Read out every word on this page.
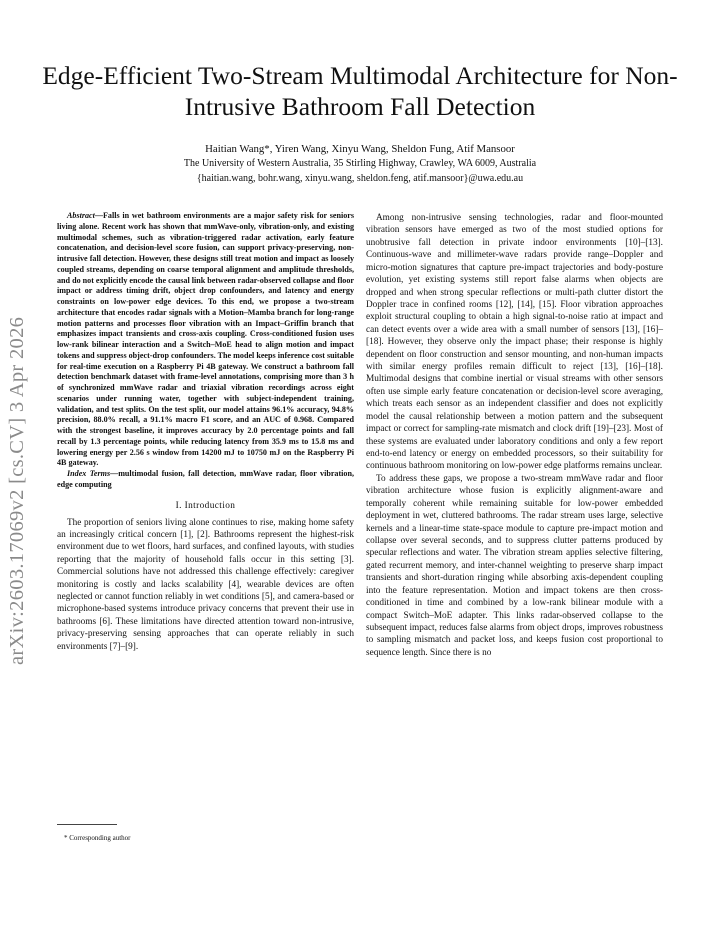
arXiv:2603.17069v2 [cs.CV] 3 Apr 2026
Edge-Efficient Two-Stream Multimodal Architecture for Non-Intrusive Bathroom Fall Detection
Haitian Wang*, Yiren Wang, Xinyu Wang, Sheldon Fung, Atif Mansoor
The University of Western Australia, 35 Stirling Highway, Crawley, WA 6009, Australia
{haitian.wang, bohr.wang, xinyu.wang, sheldon.feng, atif.mansoor}@uwa.edu.au

Abstract—Falls in wet bathroom environments are a major safety risk for seniors living alone. Recent work has shown that mmWave-only, vibration-only, and existing multimodal schemes, such as vibration-triggered radar activation, early feature concatenation, and decision-level score fusion, can support privacy-preserving, non-intrusive fall detection. However, these designs still treat motion and impact as loosely coupled streams, depending on coarse temporal alignment and amplitude thresholds, and do not explicitly encode the causal link between radar-observed collapse and floor impact or address timing drift, object drop confounders, and latency and energy constraints on low-power edge devices. To this end, we propose a two-stream architecture that encodes radar signals with a Motion–Mamba branch for long-range motion patterns and processes floor vibration with an Impact–Griffin branch that emphasizes impact transients and cross-axis coupling. Cross-conditioned fusion uses low-rank bilinear interaction and a Switch–MoE head to align motion and impact tokens and suppress object-drop confounders. The model keeps inference cost suitable for real-time execution on a Raspberry Pi 4B gateway. We construct a bathroom fall detection benchmark dataset with frame-level annotations, comprising more than 3 h of synchronized mmWave radar and triaxial vibration recordings across eight scenarios under running water, together with subject-independent training, validation, and test splits. On the test split, our model attains 96.1% accuracy, 94.8% precision, 88.0% recall, a 91.1% macro F1 score, and an AUC of 0.968. Compared with the strongest baseline, it improves accuracy by 2.0 percentage points and fall recall by 1.3 percentage points, while reducing latency from 35.9 ms to 15.8 ms and lowering energy per 2.56 s window from 14200 mJ to 10750 mJ on the Raspberry Pi 4B gateway.

Index Terms—multimodal fusion, fall detection, mmWave radar, floor vibration, edge computing

I. Introduction

The proportion of seniors living alone continues to rise, making home safety an increasingly critical concern [1], [2]. Bathrooms represent the highest-risk environment due to wet floors, hard surfaces, and confined layouts, with studies reporting that the majority of household falls occur in this setting [3]. Commercial solutions have not addressed this challenge effectively: caregiver monitoring is costly and lacks scalability [4], wearable devices are often neglected or cannot function reliably in wet conditions [5], and camera-based or microphone-based systems introduce privacy concerns that prevent their use in bathrooms [6]. These limitations have directed attention toward non-intrusive, privacy-preserving sensing approaches that can operate reliably in such environments [7]–[9].

Among non-intrusive sensing technologies, radar and floor-mounted vibration sensors have emerged as two of the most studied options for unobtrusive fall detection in private indoor environments [10]–[13]. Continuous-wave and millimeter-wave radars provide range–Doppler and micro-motion signatures that capture pre-impact trajectories and body-posture evolution, yet existing systems still report false alarms when objects are dropped and when strong specular reflections or multi-path clutter distort the Doppler trace in confined rooms [12], [14], [15]. Floor vibration approaches exploit structural coupling to obtain a high signal-to-noise ratio at impact and can detect events over a wide area with a small number of sensors [13], [16]–[18]. However, they observe only the impact phase; their response is highly dependent on floor construction and sensor mounting, and non-human impacts with similar energy profiles remain difficult to reject [13], [16]–[18]. Multimodal designs that combine inertial or visual streams with other sensors often use simple early feature concatenation or decision-level score averaging, which treats each sensor as an independent classifier and does not explicitly model the causal relationship between a motion pattern and the subsequent impact or correct for sampling-rate mismatch and clock drift [19]–[23]. Most of these systems are evaluated under laboratory conditions and only a few report end-to-end latency or energy on embedded processors, so their suitability for continuous bathroom monitoring on low-power edge platforms remains unclear.

To address these gaps, we propose a two-stream mmWave radar and floor vibration architecture whose fusion is explicitly alignment-aware and temporally coherent while remaining suitable for low-power embedded deployment in wet, cluttered bathrooms. The radar stream uses large, selective kernels and a linear-time state-space module to capture pre-impact motion and collapse over several seconds, and to suppress clutter patterns produced by specular reflections and water. The vibration stream applies selective filtering, gated recurrent memory, and inter-channel weighting to preserve sharp impact transients and short-duration ringing while absorbing axis-dependent coupling into the feature representation. Motion and impact tokens are then cross-conditioned in time and combined by a low-rank bilinear module with a compact Switch–MoE adapter. This links radar-observed collapse to the subsequent impact, reduces false alarms from object drops, improves robustness to sampling mismatch and packet loss, and keeps fusion cost proportional to sequence length. Since there is no

* Corresponding author
